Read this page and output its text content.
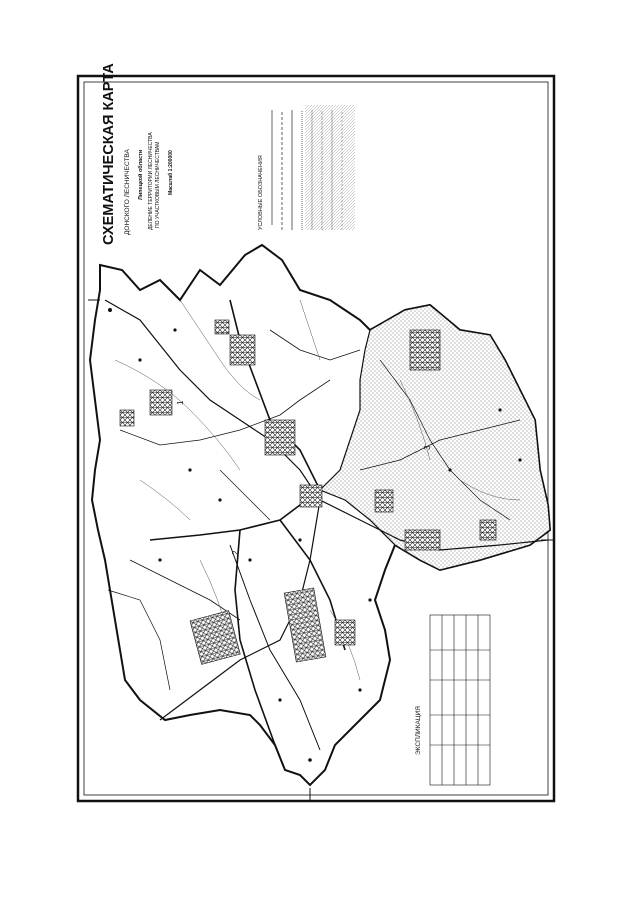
1
2
3
СХЕМАТИЧЕСКАЯ КАРТА ДОНСКОГО ЛЕСНИЧЕСТВА Липецкой области ДЕЛЕНИЕ ТЕРРИТОРИИ ЛЕСНИЧЕСТВА ПО УЧАСТКОВЫМ ЛЕСНИЧЕСТВАМ Масштаб 1:200000	УСЛОВНЫЕ ОБОЗНАЧЕНИЯ
ЭКСПЛИКАЦИЯ
